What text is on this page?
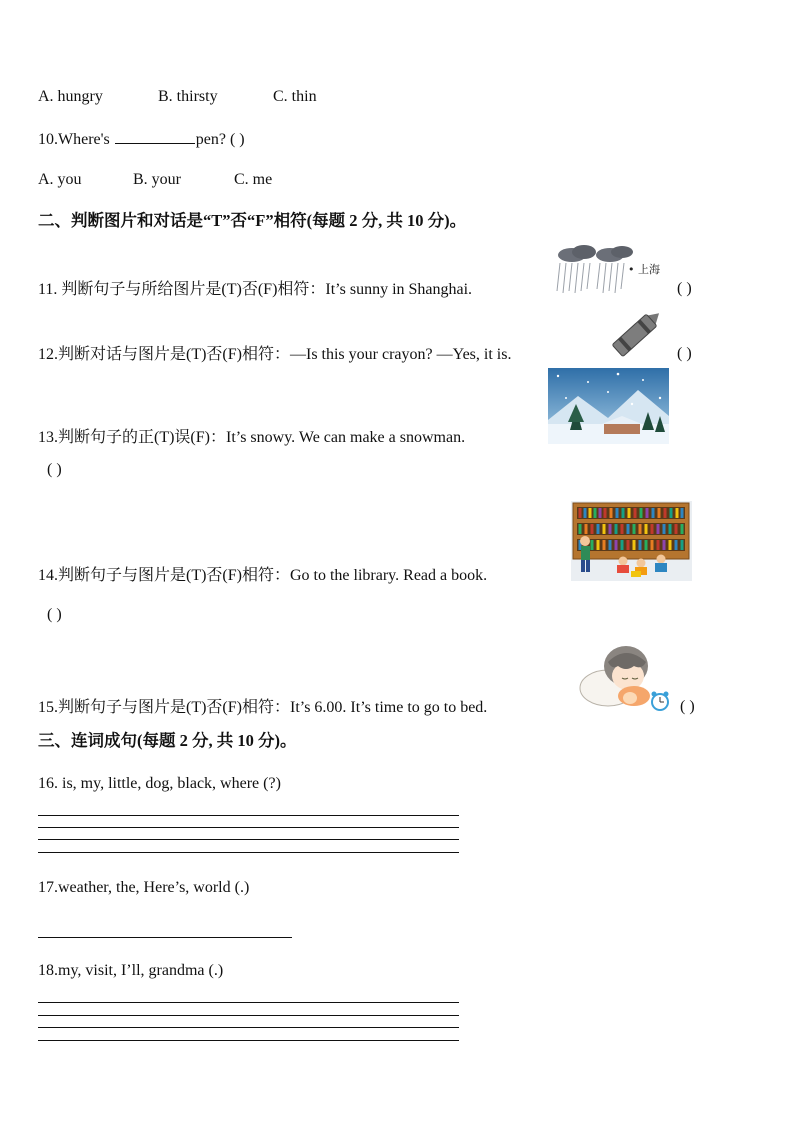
A. hungry	B. thirsty	C. thin
10.Where's	pen? ( )
A. you	B. your	C. me
二、判断图片和对话是“T”否“F”相符(每题 2 分, 共 10 分)。
11. 判断句子与所给图片是(T)否(F)相符：It’s sunny in Shanghai.
• 上海
( )
12.判断对话与图片是(T)否(F)相符：—Is this your crayon? —Yes, it is.	( )
13.判断句子的正(T)误(F)：It’s snowy. We can make a snowman.
( )
14.判断句子与图片是(T)否(F)相符：Go to the library. Read a book.
( )
15.判断句子与图片是(T)否(F)相符：It’s 6.00. It’s time to go to bed.	( )
三、连词成句(每题 2 分, 共 10 分)。
16. is, my, little, dog, black, where (?)
17.weather, the, Here’s, world (.)
18.my, visit, I’ll, grandma (.)
